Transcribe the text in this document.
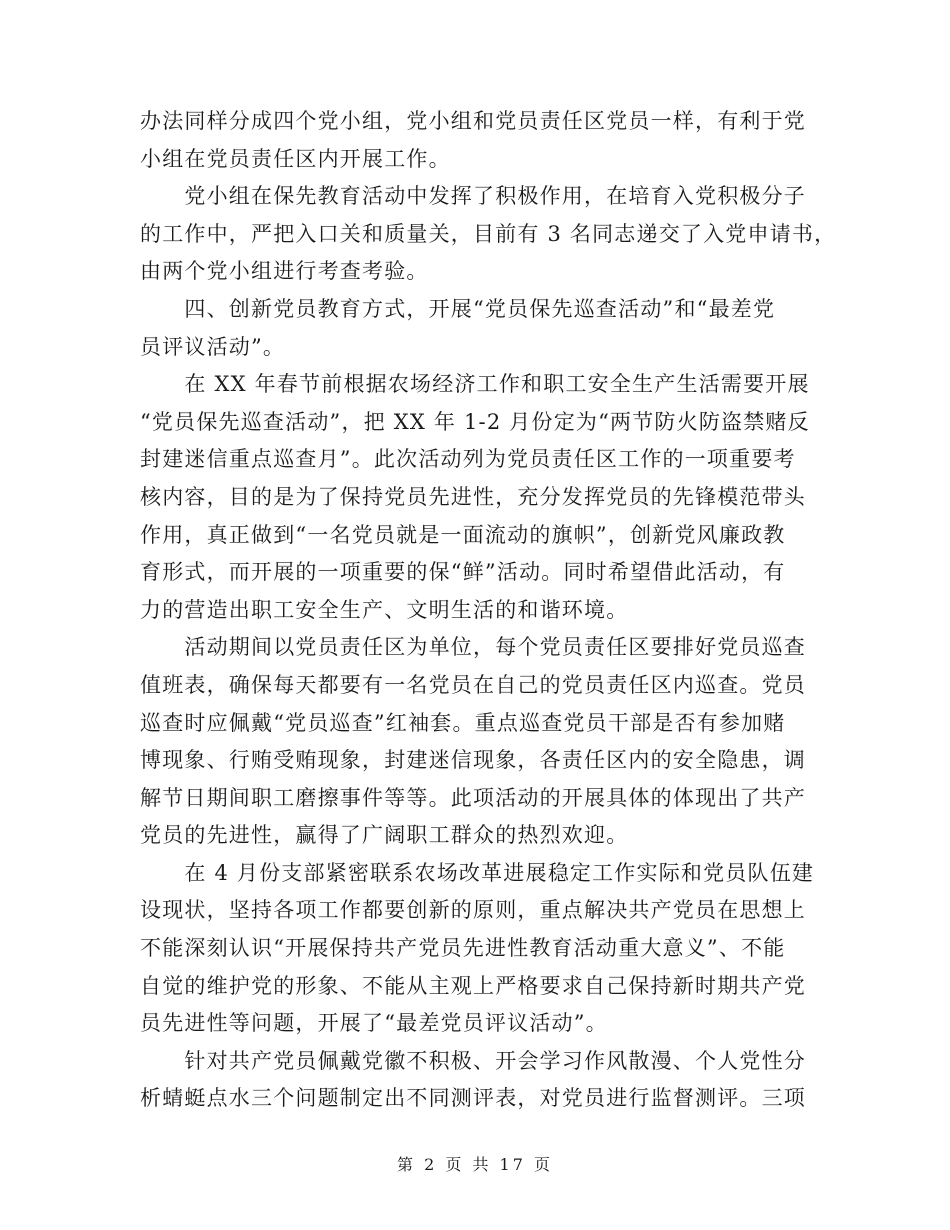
办法同样分成四个党小组，党小组和党员责任区党员一样，有利于党
小组在党员责任区内开展工作。

　　党小组在保先教育活动中发挥了积极作用，在培育入党积极分子
的工作中，严把入口关和质量关，目前有 3 名同志递交了入党申请书，
由两个党小组进行考查考验。

　　四、创新党员教育方式，开展“党员保先巡查活动”和“最差党
员评议活动”。

　　在 XX 年春节前根据农场经济工作和职工安全生产生活需要开展
“党员保先巡查活动”，把 XX 年 1-2 月份定为“两节防火防盗禁赌反
封建迷信重点巡查月”。此次活动列为党员责任区工作的一项重要考
核内容，目的是为了保持党员先进性，充分发挥党员的先锋模范带头
作用，真正做到“一名党员就是一面流动的旗帜”，创新党风廉政教
育形式，而开展的一项重要的保“鲜”活动。同时希望借此活动，有
力的营造出职工安全生产、文明生活的和谐环境。

　　活动期间以党员责任区为单位，每个党员责任区要排好党员巡查
值班表，确保每天都要有一名党员在自己的党员责任区内巡查。党员
巡查时应佩戴“党员巡查”红袖套。重点巡查党员干部是否有参加赌
博现象、行贿受贿现象，封建迷信现象，各责任区内的安全隐患，调
解节日期间职工磨擦事件等等。此项活动的开展具体的体现出了共产
党员的先进性，赢得了广阔职工群众的热烈欢迎。

　　在 4 月份支部紧密联系农场改革进展稳定工作实际和党员队伍建
设现状，坚持各项工作都要创新的原则，重点解决共产党员在思想上
不能深刻认识“开展保持共产党员先进性教育活动重大意义”、不能
自觉的维护党的形象、不能从主观上严格要求自己保持新时期共产党
员先进性等问题，开展了“最差党员评议活动”。

　　针对共产党员佩戴党徽不积极、开会学习作风散漫、个人党性分
析蜻蜓点水三个问题制定出不同测评表，对党员进行监督测评。三项

第 2 页 共 17 页
